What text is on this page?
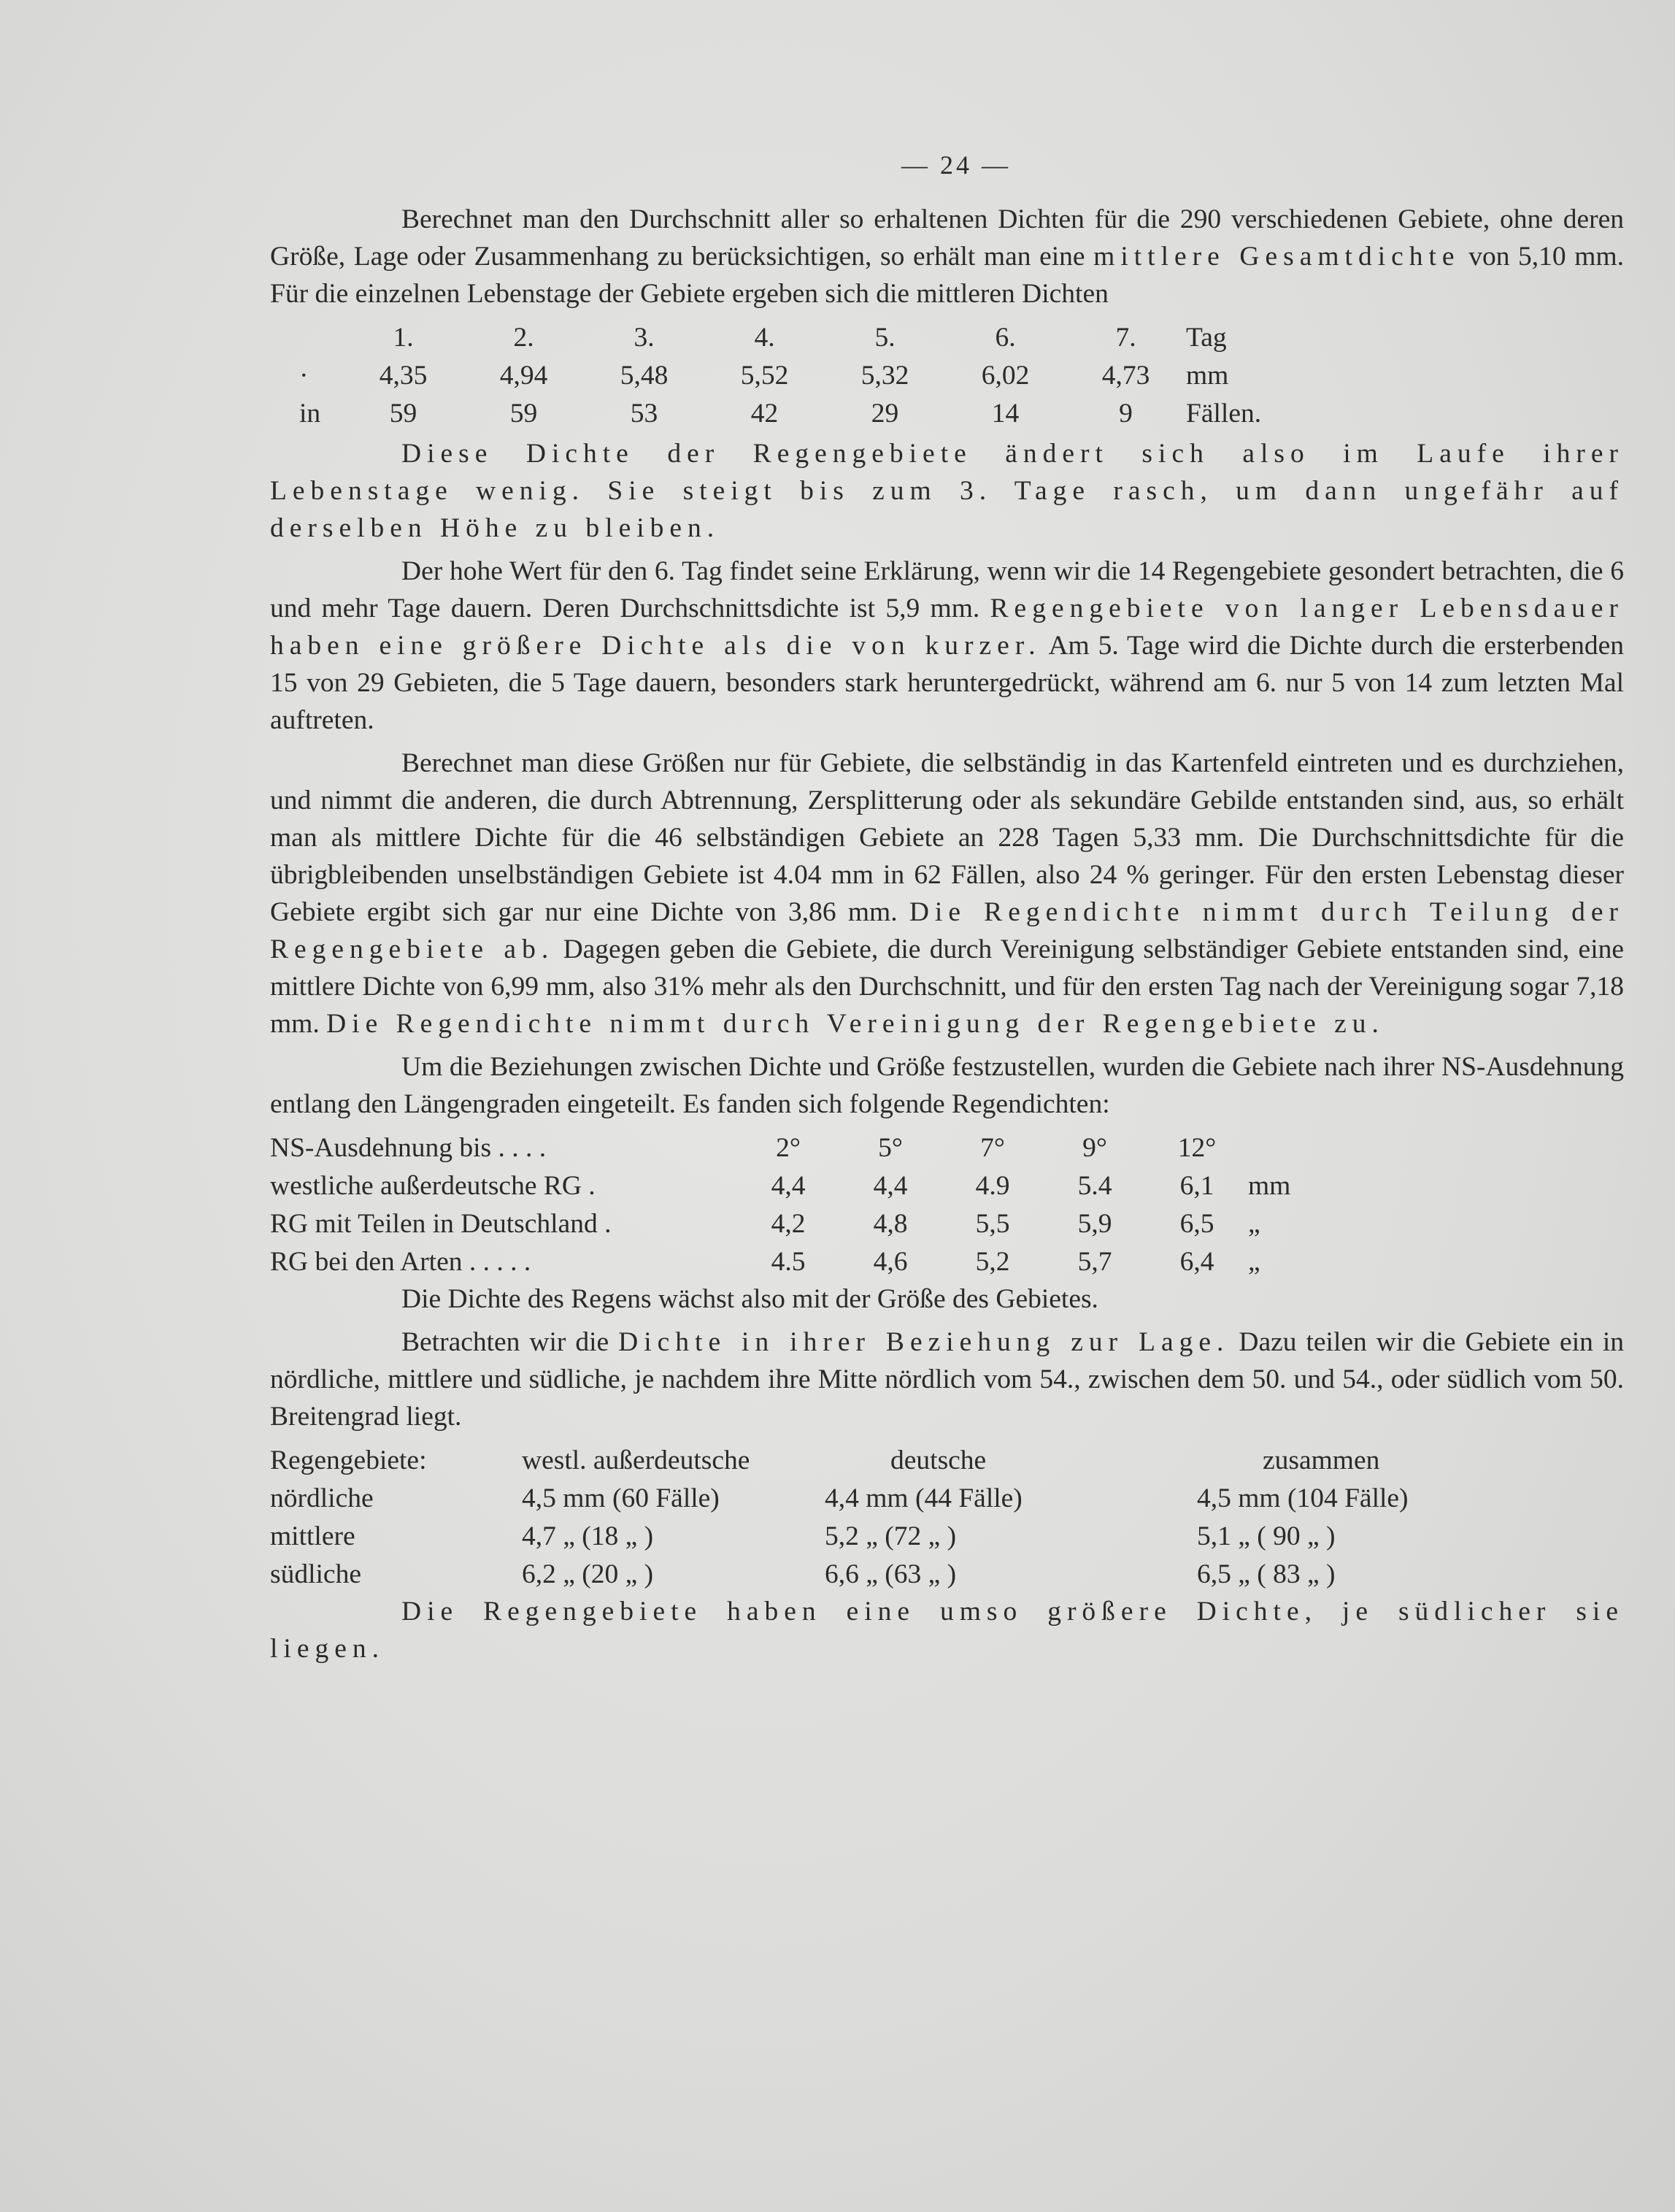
— 24 —

Berechnet man den Durchschnitt aller so erhaltenen Dichten für die 290 verschiedenen Gebiete, ohne deren Größe, Lage oder Zusammenhang zu berücksichtigen, so erhält man eine mittlere Gesamtdichte von 5,10 mm. Für die einzelnen Lebenstage der Gebiete ergeben sich die mittleren Dichten

	1.	2.	3.	4.	5.	6.	7.	Tag
·	4,35	4,94	5,48	5,52	5,32	6,02	4,73	mm
in	59	59	53	42	29	14	9	Fällen.

Diese Dichte der Regengebiete ändert sich also im Laufe ihrer Lebenstage wenig. Sie steigt bis zum 3. Tage rasch, um dann ungefähr auf derselben Höhe zu bleiben.

Der hohe Wert für den 6. Tag findet seine Erklärung, wenn wir die 14 Regengebiete gesondert betrachten, die 6 und mehr Tage dauern. Deren Durchschnittsdichte ist 5,9 mm. Regengebiete von langer Lebensdauer haben eine größere Dichte als die von kurzer. Am 5. Tage wird die Dichte durch die ersterbenden 15 von 29 Gebieten, die 5 Tage dauern, besonders stark heruntergedrückt, während am 6. nur 5 von 14 zum letzten Mal auftreten.

Berechnet man diese Größen nur für Gebiete, die selbständig in das Kartenfeld eintreten und es durchziehen, und nimmt die anderen, die durch Abtrennung, Zersplitterung oder als sekundäre Gebilde entstanden sind, aus, so erhält man als mittlere Dichte für die 46 selbständigen Gebiete an 228 Tagen 5,33 mm. Die Durchschnittsdichte für die übrigbleibenden unselbständigen Gebiete ist 4.04 mm in 62 Fällen, also 24 % geringer. Für den ersten Lebenstag dieser Gebiete ergibt sich gar nur eine Dichte von 3,86 mm. Die Regendichte nimmt durch Teilung der Regengebiete ab. Dagegen geben die Gebiete, die durch Vereinigung selbständiger Gebiete entstanden sind, eine mittlere Dichte von 6,99 mm, also 31% mehr als den Durchschnitt, und für den ersten Tag nach der Vereinigung sogar 7,18 mm. Die Regendichte nimmt durch Vereinigung der Regengebiete zu.

Um die Beziehungen zwischen Dichte und Größe festzustellen, wurden die Gebiete nach ihrer NS-Ausdehnung entlang den Längengraden eingeteilt. Es fanden sich folgende Regendichten:

NS-Ausdehnung bis . . . .	2°	5°	7°	9°	12°	
westliche außerdeutsche RG .	4,4	4,4	4.9	5.4	6,1	mm
RG mit Teilen in Deutschland .	4,2	4,8	5,5	5,9	6,5	„
RG bei den Arten . . . . .	4.5	4,6	5,2	5,7	6,4	„

Die Dichte des Regens wächst also mit der Größe des Gebietes.

Betrachten wir die Dichte in ihrer Beziehung zur Lage. Dazu teilen wir die Gebiete ein in nördliche, mittlere und südliche, je nachdem ihre Mitte nördlich vom 54., zwischen dem 50. und 54., oder südlich vom 50. Breitengrad liegt.

Regengebiete:	westl. außerdeutsche	deutsche	zusammen
nördliche	4,5 mm (60 Fälle)	4,4 mm (44 Fälle)	4,5 mm (104 Fälle)
mittlere	4,7 „ (18 „ )	5,2 „ (72 „ )	5,1 „ ( 90 „ )
südliche	6,2 „ (20 „ )	6,6 „ (63 „ )	6,5 „ ( 83 „ )

Die Regengebiete haben eine umso größere Dichte, je südlicher sie liegen.
